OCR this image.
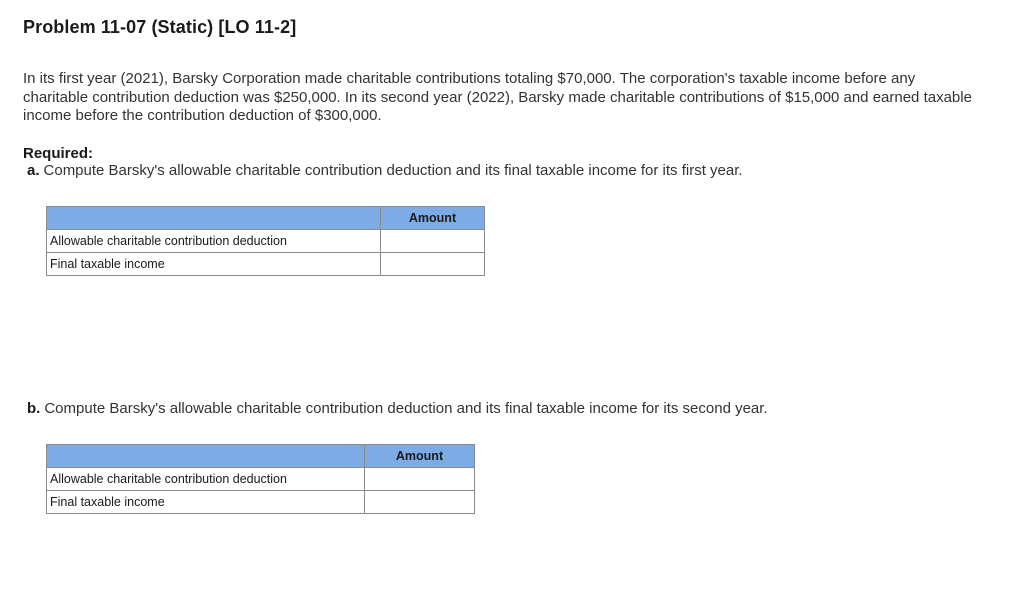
Problem 11-07 (Static) [LO 11-2]

In its first year (2021), Barsky Corporation made charitable contributions totaling $70,000. The corporation's taxable income before any charitable contribution deduction was $250,000. In its second year (2022), Barsky made charitable contributions of $15,000 and earned taxable income before the contribution deduction of $300,000.

Required:
a. Compute Barsky's allowable charitable contribution deduction and its final taxable income for its first year.
	Amount
Allowable charitable contribution deduction	
Final taxable income	
b. Compute Barsky's allowable charitable contribution deduction and its final taxable income for its second year.
	Amount
Allowable charitable contribution deduction	
Final taxable income	
